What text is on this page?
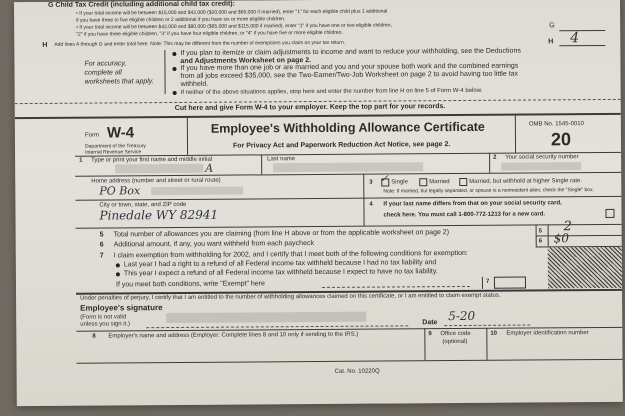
G Child Tax Credit (including additional child tax credit):
• If your total income will be between $15,000 and $42,000 ($20,000 and $65,000 if married), enter "1" for each eligible child plus 1 additional
if you have three to five eligible children or 2 additional if you have six or more eligible children.
• If your total income will be between $42,000 and $80,000 ($65,000 and $115,000 if married), enter "1" if you have one or two eligible children,
"2" if you have three eligible children, "3" if you have four eligible children, or "4" if you have five or more eligible children.
G
H Add lines A through G and enter total here. Note: This may be different from the number of exemptions you claim on your tax return.	H 4
For accuracy, complete all worksheets that apply.
If you plan to itemize or claim adjustments to income and want to reduce your withholding, see the Deductions
and Adjustments Worksheet on page 2.
If you have more than one job or are married and you and your spouse both work and the combined earnings
from all jobs exceed $35,000, see the Two-Earner/Two-Job Worksheet on page 2 to avoid having too little tax
withheld.
If neither of the above situations applies, stop here and enter the number from line H on line 5 of Form W-4 below.
Cut here and give Form W-4 to your employer. Keep the top part for your records.
Form W-4
Department of the Treasury
Internal Revenue Service
Employee's Withholding Allowance Certificate
For Privacy Act and Paperwork Reduction Act Notice, see page 2.
OMB No. 1545-0010
20
1 Type or print your first name and middle initial	Last name
A
2 Your social security number
Home address (number and street or rural route)
PO Box
3 ✓ Single	Married	Married, but withhold at higher Single rate.
Note: If married, but legally separated, or spouse is a nonresident alien, check the "Single" box.
City or town, state, and ZIP code
Pinedale WY 82941
4 If your last name differs from that on your social security card,
check here. You must call 1-800-772-1213 for a new card.
5 Total number of allowances you are claiming (from line H above or from the applicable worksheet on page 2)	5 2
6 Additional amount, if any, you want withheld from each paycheck	6 $0
7 I claim exemption from withholding for 2002, and I certify that I meet both of the following conditions for exemption:
Last year I had a right to a refund of all Federal income tax withheld because I had no tax liability and
This year I expect a refund of all Federal income tax withheld because I expect to have no tax liability.
If you meet both conditions, write "Exempt" here	7
Under penalties of perjury, I certify that I am entitled to the number of withholding allowances claimed on this certificate, or I am entitled to claim exempt status.
Employee's signature
(Form is not valid
unless you sign it.)	Date 5-20
8 Employer's name and address (Employer: Complete lines 8 and 10 only if sending to the IRS.)	9 Office code
(optional)
10 Employer identification number
Cat. No. 10220Q
